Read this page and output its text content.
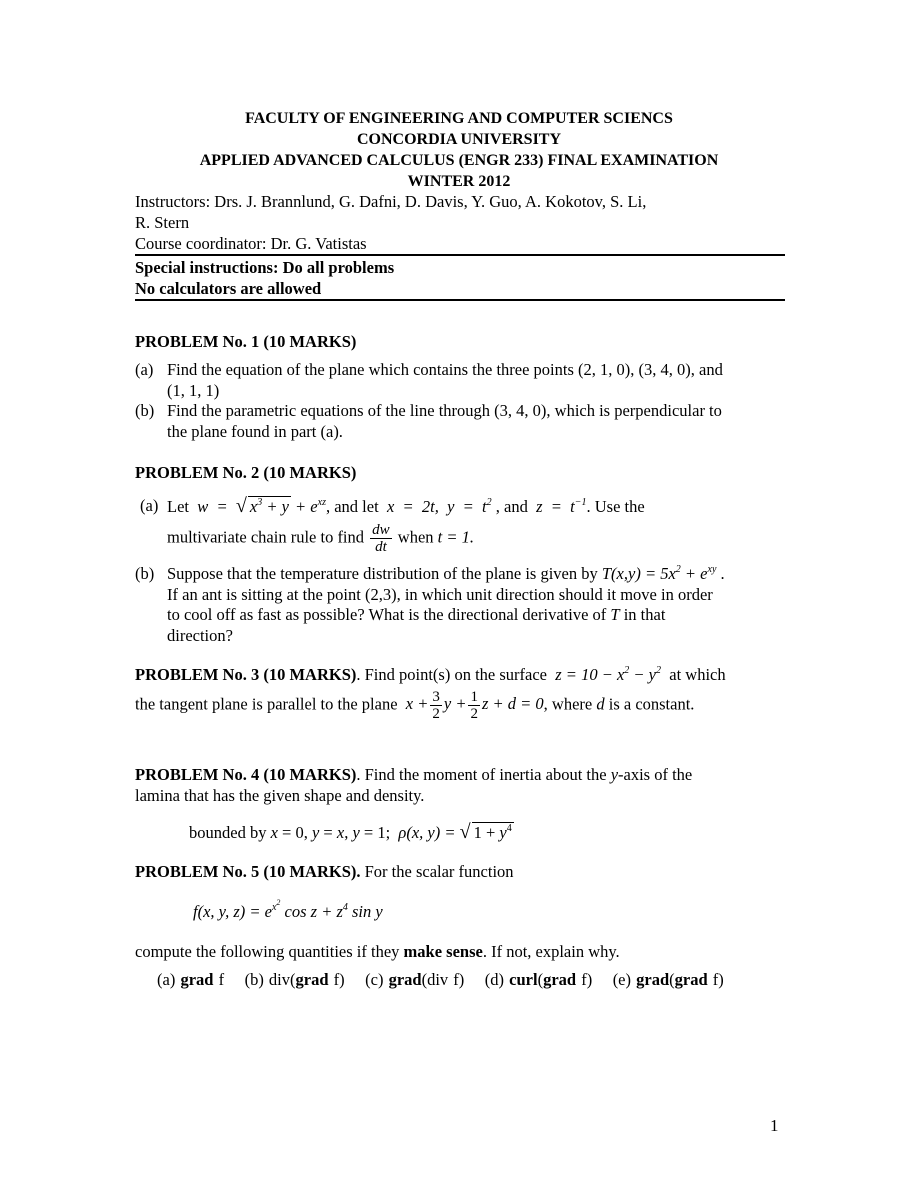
FACULTY OF ENGINEERING AND COMPUTER SCIENCS
CONCORDIA UNIVERSITY
APPLIED ADVANCED CALCULUS (ENGR 233) FINAL EXAMINATION
WINTER 2012
Instructors: Drs. J. Brannlund, G. Dafni, D. Davis, Y. Guo, A. Kokotov, S. Li,
R. Stern
Course coordinator: Dr. G. Vatistas
Special instructions: Do all problems
No calculators are allowed
PROBLEM No. 1 (10 MARKS)
(a) Find the equation of the plane which contains the three points (2, 1, 0), (3, 4, 0), and
(1, 1, 1)
(b) Find the parametric equations of the line through (3, 4, 0), which is perpendicular to
the plane found in part (a).
PROBLEM No. 2 (10 MARKS)
(a) Let  w  =  √ $x^3 + y + e^{xz}$, and let  x  =  2t,  $y = t^2$ , and  $z = t^{-1}$. Use the
multivariate chain rule to find $\frac{dw}{dt}$ when t = 1.
(b) Suppose that the temperature distribution of the plane is given by $T(x,y) = 5x^2 + e^{xy}$ .
If an ant is sitting at the point (2,3), in which unit direction should it move in order
to cool off as fast as possible? What is the directional derivative of T in that
direction?
PROBLEM No. 3 (10 MARKS). Find point(s) on the surface  $z = 10 - x^2 - y^2$ at which
the tangent plane is parallel to the plane  $x + \frac{3}{2}$ $y + \frac{1}{2}$ z + d = 0, where d is a constant.
PROBLEM No. 4 (10 MARKS). Find the moment of inertia about the y-axis of the
lamina that has the given shape and density.
bounded by x = 0, y = x, y = 1;  ρ(x, y) = √ $1 + y^4$
PROBLEM No. 5 (10 MARKS). For the scalar function
f(x, y, $z) = e^{x^2}$ $\cos z + z^4$ sin y
compute the following quantities if they make sense. If not, explain why.
(a) grad f    (b) div(grad f)    (c) grad(div f)    (d) curl(grad f)    (e) grad(grad f)
1
